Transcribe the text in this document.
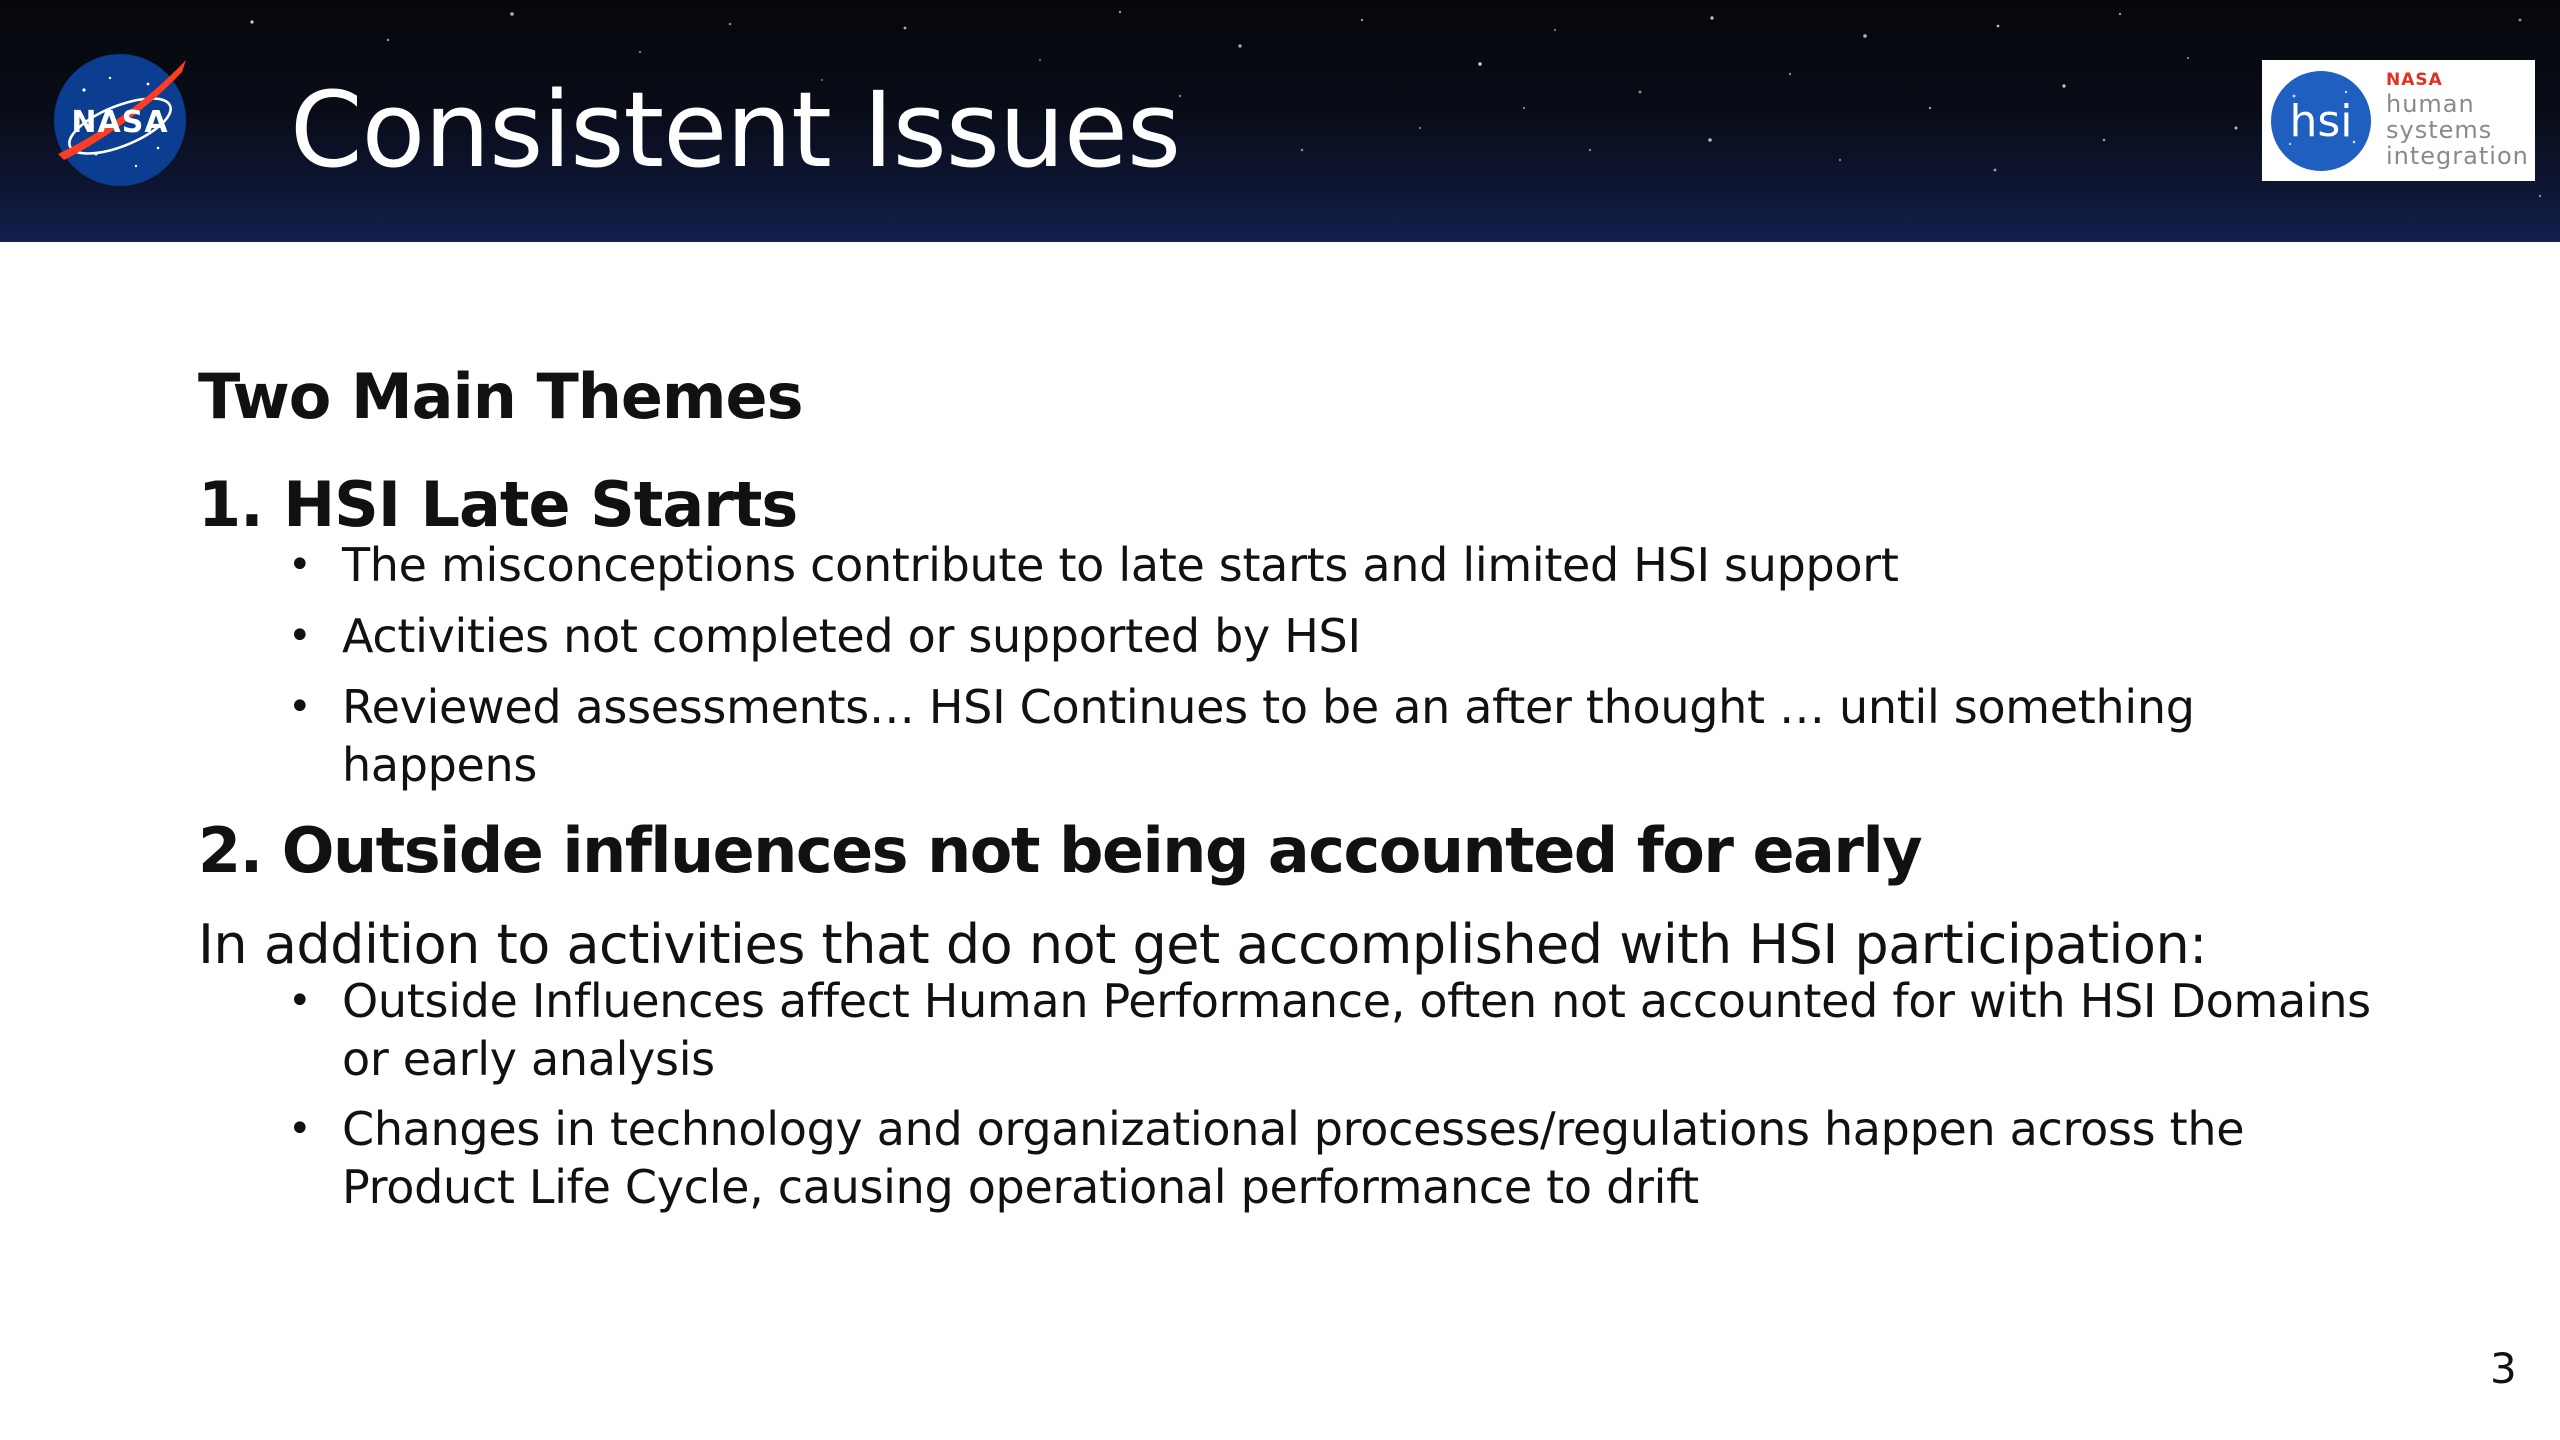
NASA Consistent Issues	hsi
NASA
human
systems
integration
Two Main Themes
1. HSI Late Starts
• The misconceptions contribute to late starts and limited HSI support
• Activities not completed or supported by HSI
• Reviewed assessments… HSI Continues to be an after thought … until something happens
2. Outside influences not being accounted for early
In addition to activities that do not get accomplished with HSI participation:
• Outside Influences affect Human Performance, often not accounted for with HSI Domains or early analysis
• Changes in technology and organizational processes/regulations happen across the Product Life Cycle, causing operational performance to drift
3
